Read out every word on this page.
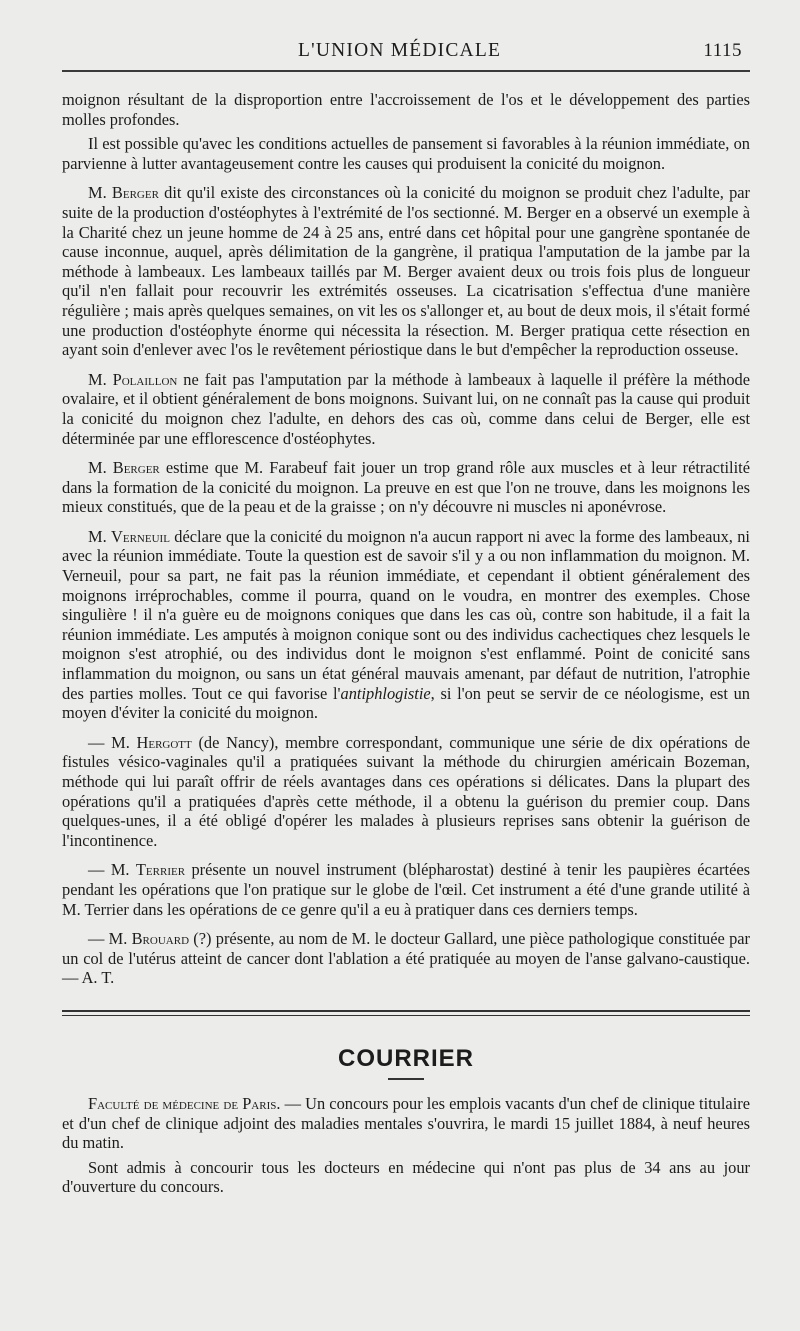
L'UNION MÉDICALE	1115

moignon résultant de la disproportion entre l'accroissement de l'os et le développement des parties molles profondes.

Il est possible qu'avec les conditions actuelles de pansement si favorables à la réunion immédiate, on parvienne à lutter avantageusement contre les causes qui produisent la conicité du moignon.

M. Berger dit qu'il existe des circonstances où la conicité du moignon se produit chez l'adulte, par suite de la production d'ostéophytes à l'extrémité de l'os sectionné. M. Berger en a observé un exemple à la Charité chez un jeune homme de 24 à 25 ans, entré dans cet hôpital pour une gangrène spontanée de cause inconnue, auquel, après délimitation de la gangrène, il pratiqua l'amputation de la jambe par la méthode à lambeaux. Les lambeaux taillés par M. Berger avaient deux ou trois fois plus de longueur qu'il n'en fallait pour recouvrir les extrémités osseuses. La cicatrisation s'effectua d'une manière régulière ; mais après quelques semaines, on vit les os s'allonger et, au bout de deux mois, il s'était formé une production d'ostéophyte énorme qui nécessita la résection. M. Berger pratiqua cette résection en ayant soin d'enlever avec l'os le revêtement périostique dans le but d'empêcher la reproduction osseuse.

M. Polaillon ne fait pas l'amputation par la méthode à lambeaux à laquelle il préfère la méthode ovalaire, et il obtient généralement de bons moignons. Suivant lui, on ne connaît pas la cause qui produit la conicité du moignon chez l'adulte, en dehors des cas où, comme dans celui de Berger, elle est déterminée par une efflorescence d'ostéophytes.

M. Berger estime que M. Farabeuf fait jouer un trop grand rôle aux muscles et à leur rétractilité dans la formation de la conicité du moignon. La preuve en est que l'on ne trouve, dans les moignons les mieux constitués, que de la peau et de la graisse ; on n'y découvre ni muscles ni aponévrose.

M. Verneuil déclare que la conicité du moignon n'a aucun rapport ni avec la forme des lambeaux, ni avec la réunion immédiate. Toute la question est de savoir s'il y a ou non inflammation du moignon. M. Verneuil, pour sa part, ne fait pas la réunion immédiate, et cependant il obtient généralement des moignons irréprochables, comme il pourra, quand on le voudra, en montrer des exemples. Chose singulière ! il n'a guère eu de moignons coniques que dans les cas où, contre son habitude, il a fait la réunion immédiate. Les amputés à moignon conique sont ou des individus cachectiques chez lesquels le moignon s'est atrophié, ou des individus dont le moignon s'est enflammé. Point de conicité sans inflammation du moignon, ou sans un état général mauvais amenant, par défaut de nutrition, l'atrophie des parties molles. Tout ce qui favorise l'antiphlogistie, si l'on peut se servir de ce néologisme, est un moyen d'éviter la conicité du moignon.

— M. Hergott (de Nancy), membre correspondant, communique une série de dix opérations de fistules vésico-vaginales qu'il a pratiquées suivant la méthode du chirurgien américain Bozeman, méthode qui lui paraît offrir de réels avantages dans ces opérations si délicates. Dans la plupart des opérations qu'il a pratiquées d'après cette méthode, il a obtenu la guérison du premier coup. Dans quelques-unes, il a été obligé d'opérer les malades à plusieurs reprises sans obtenir la guérison de l'incontinence.

— M. Terrier présente un nouvel instrument (blépharostat) destiné à tenir les paupières écartées pendant les opérations que l'on pratique sur le globe de l'œil. Cet instrument a été d'une grande utilité à M. Terrier dans les opérations de ce genre qu'il a eu à pratiquer dans ces derniers temps.

— M. Brouard (?) présente, au nom de M. le docteur Gallard, une pièce pathologique constituée par un col de l'utérus atteint de cancer dont l'ablation a été pratiquée au moyen de l'anse galvano-caustique. — A. T.

COURRIER

Faculté de médecine de Paris. — Un concours pour les emplois vacants d'un chef de clinique titulaire et d'un chef de clinique adjoint des maladies mentales s'ouvrira, le mardi 15 juillet 1884, à neuf heures du matin.

Sont admis à concourir tous les docteurs en médecine qui n'ont pas plus de 34 ans au jour d'ouverture du concours.
